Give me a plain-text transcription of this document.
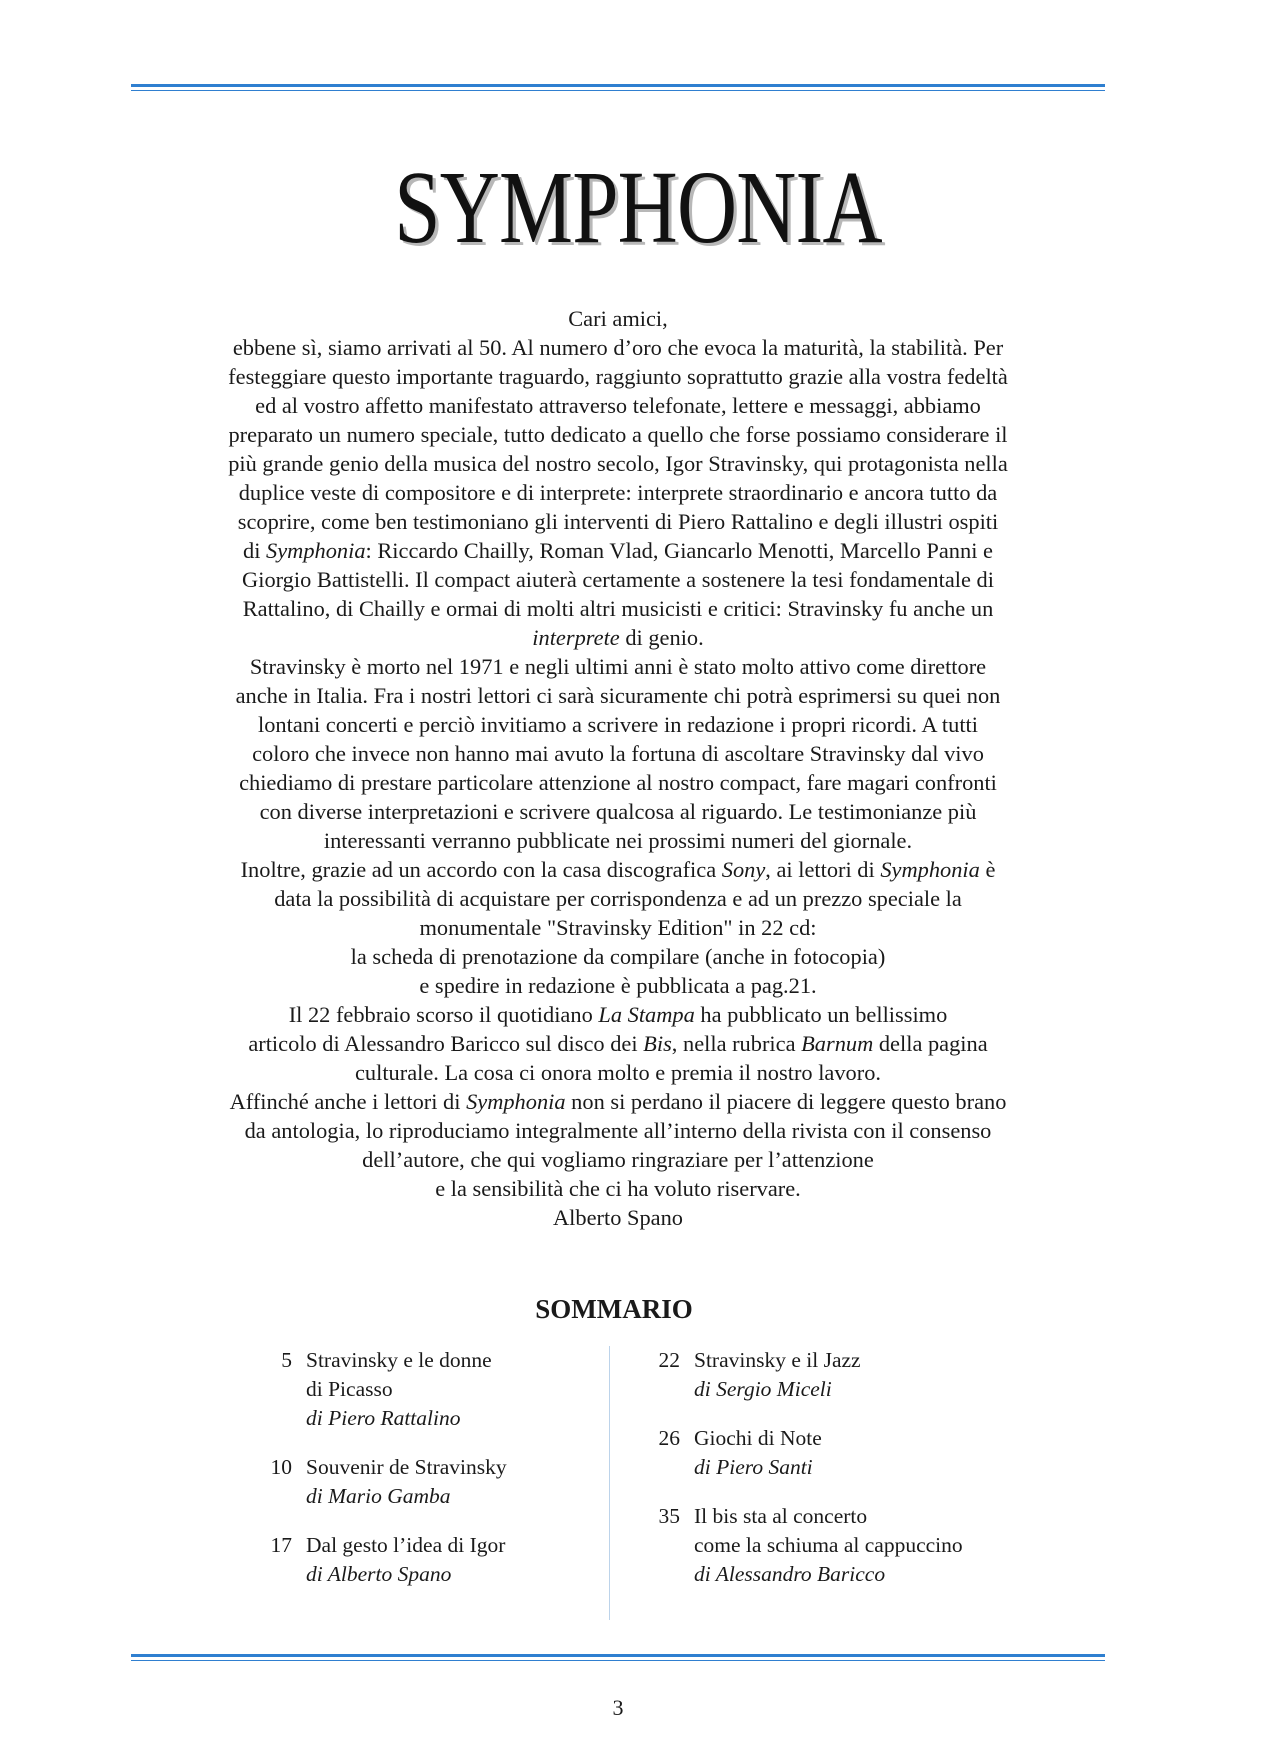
SYMPHONIA

Cari amici,

ebbene sì, siamo arrivati al 50. Al numero d’oro che evoca la maturità, la stabilità. Per
festeggiare questo importante traguardo, raggiunto soprattutto grazie alla vostra fedeltà
ed al vostro affetto manifestato attraverso telefonate, lettere e messaggi, abbiamo
preparato un numero speciale, tutto dedicato a quello che forse possiamo considerare il
più grande genio della musica del nostro secolo, Igor Stravinsky, qui protagonista nella
duplice veste di compositore e di interprete: interprete straordinario e ancora tutto da
scoprire, come ben testimoniano gli interventi di Piero Rattalino e degli illustri ospiti
di Symphonia: Riccardo Chailly, Roman Vlad, Giancarlo Menotti, Marcello Panni e
Giorgio Battistelli. Il compact aiuterà certamente a sostenere la tesi fondamentale di
Rattalino, di Chailly e ormai di molti altri musicisti e critici: Stravinsky fu anche un
interprete di genio.

Stravinsky è morto nel 1971 e negli ultimi anni è stato molto attivo come direttore
anche in Italia. Fra i nostri lettori ci sarà sicuramente chi potrà esprimersi su quei non
lontani concerti e perciò invitiamo a scrivere in redazione i propri ricordi. A tutti
coloro che invece non hanno mai avuto la fortuna di ascoltare Stravinsky dal vivo
chiediamo di prestare particolare attenzione al nostro compact, fare magari confronti
con diverse interpretazioni e scrivere qualcosa al riguardo. Le testimonianze più
interessanti verranno pubblicate nei prossimi numeri del giornale.

Inoltre, grazie ad un accordo con la casa discografica Sony, ai lettori di Symphonia è
data la possibilità di acquistare per corrispondenza e ad un prezzo speciale la
monumentale "Stravinsky Edition" in 22 cd:
la scheda di prenotazione da compilare (anche in fotocopia)
e spedire in redazione è pubblicata a pag.21.

Il 22 febbraio scorso il quotidiano La Stampa ha pubblicato un bellissimo
articolo di Alessandro Baricco sul disco dei Bis, nella rubrica Barnum della pagina
culturale. La cosa ci onora molto e premia il nostro lavoro.

Affinché anche i lettori di Symphonia non si perdano il piacere di leggere questo brano
da antologia, lo riproduciamo integralmente all’interno della rivista con il consenso
dell’autore, che qui vogliamo ringraziare per l’attenzione
e la sensibilità che ci ha voluto riservare.

Alberto Spano

SOMMARIO
5 Stravinsky e le donne
di Picasso
di Piero Rattalino
10 Souvenir de Stravinsky
di Mario Gamba
17 Dal gesto l’idea di Igor
di Alberto Spano
22 Stravinsky e il Jazz
di Sergio Miceli
26 Giochi di Note
di Piero Santi
35 Il bis sta al concerto
come la schiuma al cappuccino
di Alessandro Baricco
3
